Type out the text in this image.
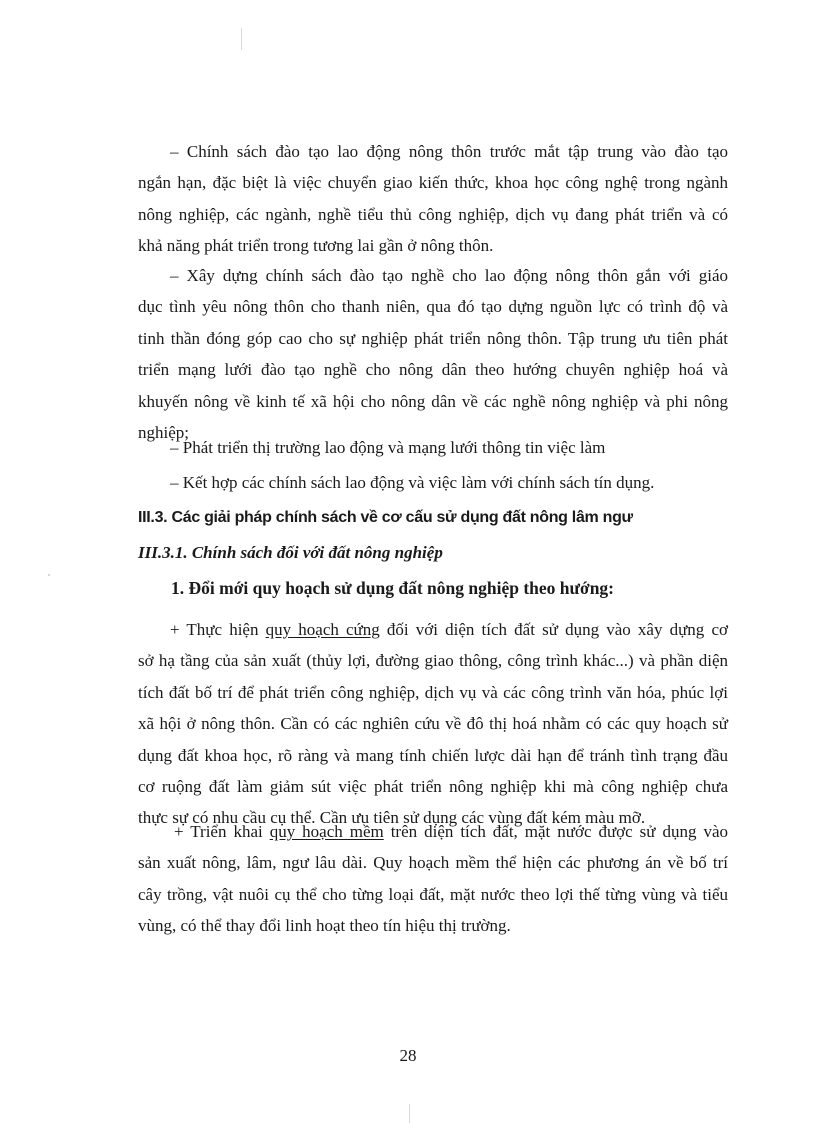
– Chính sách đào tạo lao động nông thôn trước mắt tập trung vào đào tạo
ngắn hạn, đặc biệt là việc chuyển giao kiến thức, khoa học công nghệ trong ngành
nông nghiệp, các ngành, nghề tiểu thủ công nghiệp, dịch vụ đang phát triển và có
khả năng phát triển trong tương lai gần ở nông thôn.

– Xây dựng chính sách đào tạo nghề cho lao động nông thôn gắn với giáo
dục tình yêu nông thôn cho thanh niên, qua đó tạo dựng nguồn lực có trình độ và
tinh thần đóng góp cao cho sự nghiệp phát triển nông thôn. Tập trung ưu tiên phát
triển mạng lưới đào tạo nghề cho nông dân theo hướng chuyên nghiệp hoá và
khuyến nông về kinh tế xã hội cho nông dân về các nghề nông nghiệp và phi nông
nghiệp;

– Phát triển thị trường lao động và mạng lưới thông tin việc làm

– Kết hợp các chính sách lao động và việc làm với chính sách tín dụng.

III.3. Các giải pháp chính sách về cơ cấu sử dụng đất nông lâm ngư
III.3.1. Chính sách đối với đất nông nghiệp
1. Đổi mới quy hoạch sử dụng đất nông nghiệp theo hướng:

+ Thực hiện quy hoạch cứng đối với diện tích đất sử dụng vào xây dựng cơ
sở hạ tầng của sản xuất (thủy lợi, đường giao thông, công trình khác...) và phần diện
tích đất bố trí để phát triển công nghiệp, dịch vụ và các công trình văn hóa, phúc lợi
xã hội ở nông thôn. Cần có các nghiên cứu về đô thị hoá nhằm có các quy hoạch sử
dụng đất khoa học, rõ ràng và mang tính chiến lược dài hạn để tránh tình trạng đầu
cơ ruộng đất làm giảm sút việc phát triển nông nghiệp khi mà công nghiệp chưa
thực sự có nhu cầu cụ thể. Cần ưu tiên sử dụng các vùng đất kém màu mỡ.

+ Triển khai quy hoạch mềm trên diện tích đất, mặt nước được sử dụng vào
sản xuất nông, lâm, ngư lâu dài. Quy hoạch mềm thể hiện các phương án về bố trí
cây trồng, vật nuôi cụ thể cho từng loại đất, mặt nước theo lợi thế từng vùng và tiểu
vùng, có thể thay đổi linh hoạt theo tín hiệu thị trường.

28
